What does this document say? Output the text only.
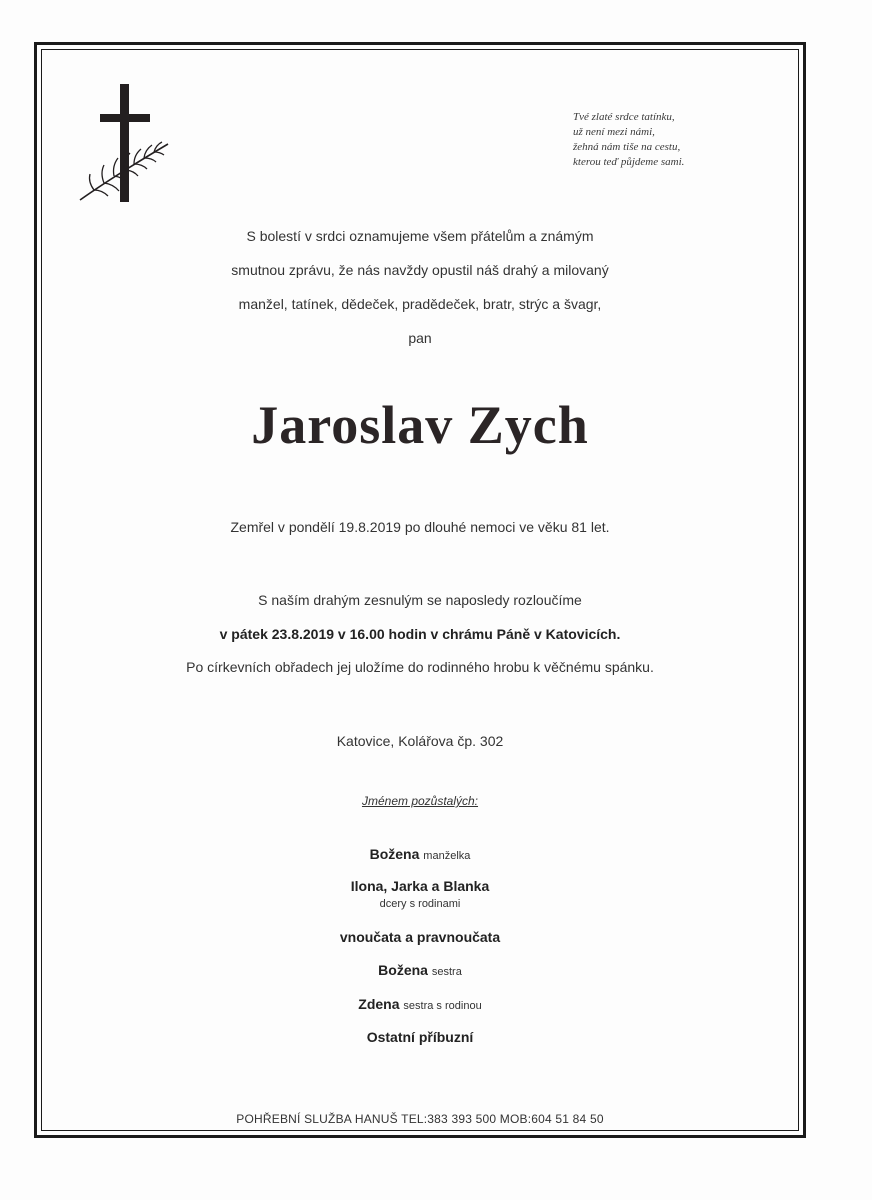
Tvé zlaté srdce tatínku,
už není mezi námi,
žehná nám tiše na cestu,
kterou teď půjdeme sami.
S bolestí v srdci oznamujeme všem přátelům a známým
smutnou zprávu, že nás navždy opustil náš drahý a milovaný
manžel, tatínek, dědeček, pradědeček, bratr, strýc a švagr,
pan
Jaroslav Zych
Zemřel v pondělí 19.8.2019 po dlouhé nemoci ve věku 81 let.
S naším drahým zesnulým se naposledy rozloučíme
v pátek 23.8.2019 v 16.00 hodin v chrámu Páně v Katovicích.
Po církevních obřadech jej uložíme do rodinného hrobu k věčnému spánku.
Katovice, Kolářova čp. 302
Jménem pozůstalých:
Božena manželka
Ilona, Jarka a Blanka
dcery s rodinami
vnoučata a pravnoučata
Božena sestra
Zdena sestra s rodinou
Ostatní příbuzní
POHŘEBNÍ SLUŽBA HANUŠ TEL:383 393 500 MOB:604 51 84 50
